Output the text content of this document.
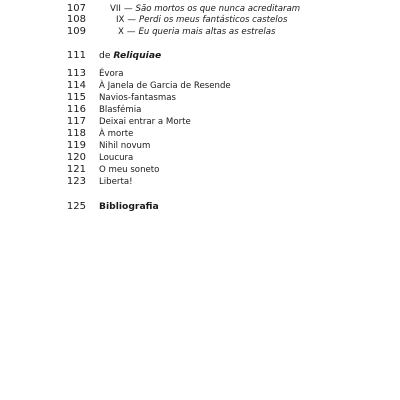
107	VII — São mortos os que nunca acreditaram
108	IX — Perdi os meus fantásticos castelos
109	X — Eu queria mais altas as estrelas
111 de Reliquiae
113 Évora
114 À Janela de Garcia de Resende
115 Navios-fantasmas
116 Blasfémia
117 Deixai entrar a Morte
118 À morte
119 Nihil novum
120 Loucura
121 O meu soneto
123 Liberta!
125 Bibliografia
